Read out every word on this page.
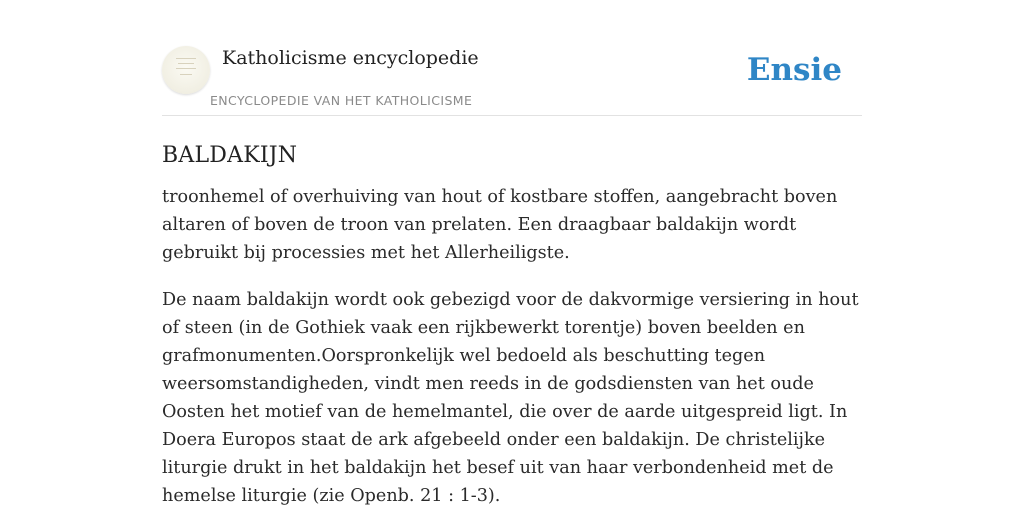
Katholicisme encyclopedie
ENCYCLOPEDIE VAN HET KATHOLICISME
Ensie
BALDAKIJN

troonhemel of overhuiving van hout of kostbare stoffen, aangebracht boven altaren of boven de troon van prelaten. Een draagbaar baldakijn wordt gebruikt bij processies met het Allerheiligste.

De naam baldakijn wordt ook gebezigd voor de dakvormige versiering in hout of steen (in de Gothiek vaak een rijkbewerkt torentje) boven beelden en grafmonumenten.Oorspronkelijk wel bedoeld als beschutting tegen weersomstandigheden, vindt men reeds in de godsdiensten van het oude Oosten het motief van de hemelmantel, die over de aarde uitgespreid ligt. In Doera Europos staat de ark afgebeeld onder een baldakijn. De christelijke liturgie drukt in het baldakijn het besef uit van haar verbondenheid met de hemelse liturgie (zie Openb. 21 : 1-3).
